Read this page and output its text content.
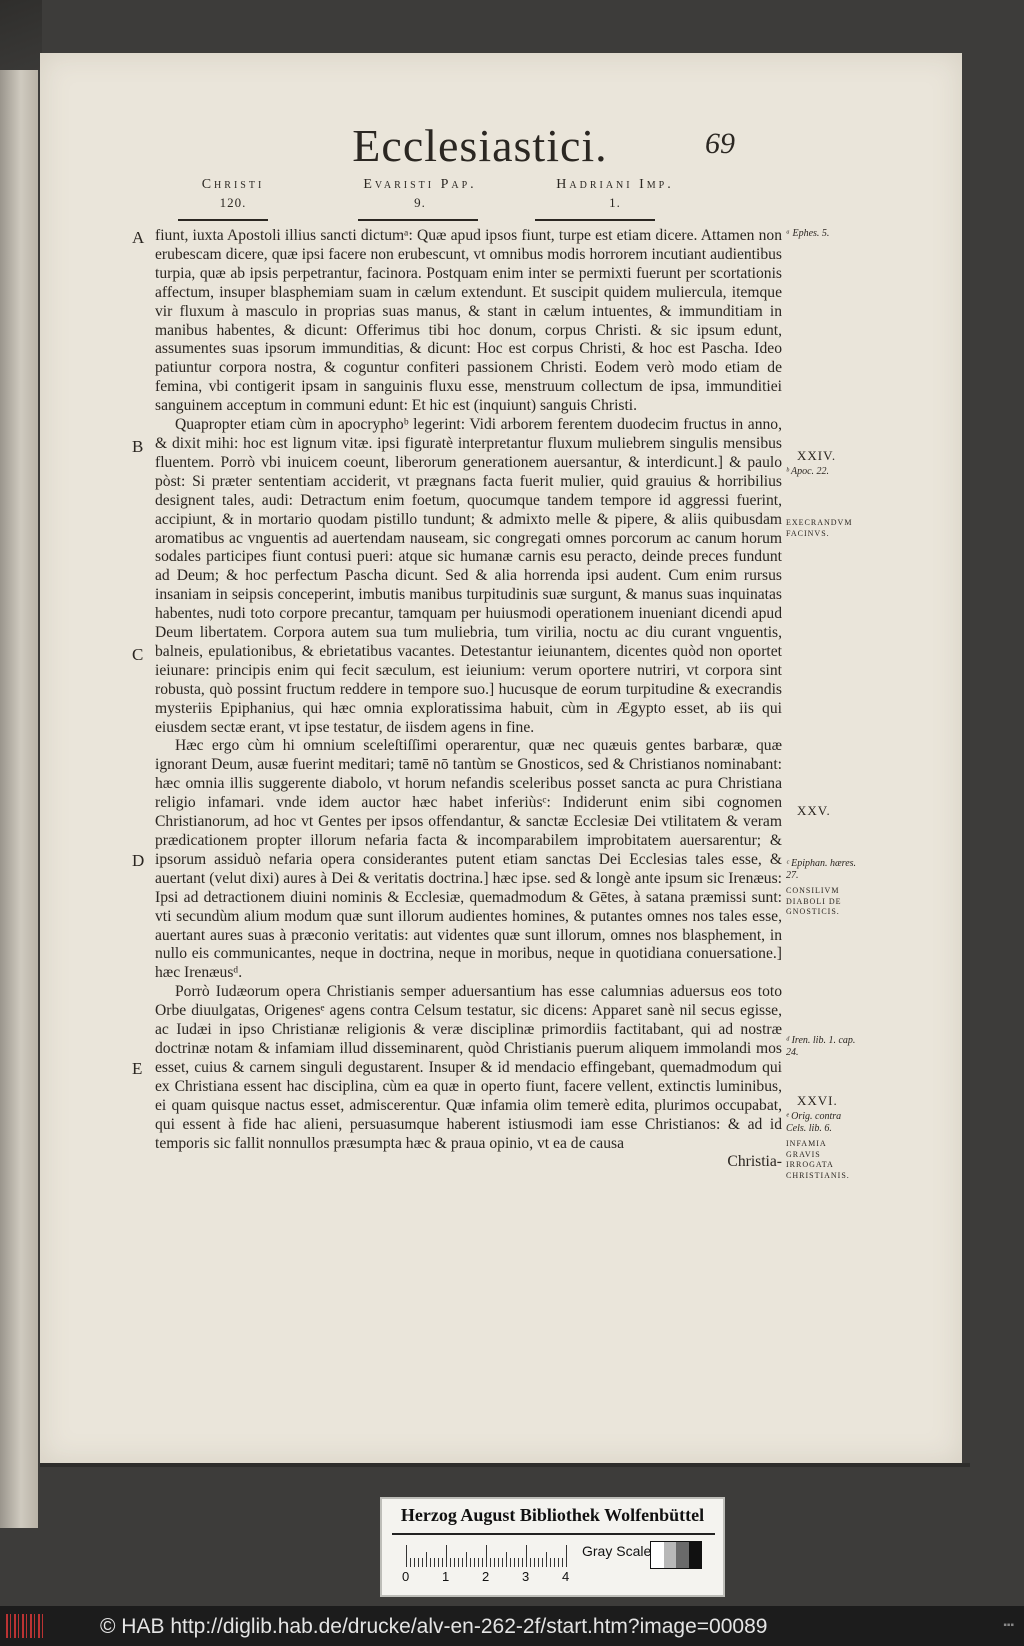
Ecclesiastici.	69
Christi
120.
Evaristi Pap.
9.
Hadriani Imp.
1.
A
B
C
D
E

fiunt, iuxta Apostoli illius sancti dictumᵃ: Quæ apud ipsos fiunt, turpe est etiam dicere. Attamen non erubescam dicere, quæ ipsi facere non erubescunt, vt omnibus modis horrorem incutiant audientibus turpia, quæ ab ipsis perpetrantur, facinora. Postquam enim inter se permixti fuerunt per scortationis affectum, insuper blasphemiam suam in cælum extendunt. Et suscipit quidem muliercula, itemque vir fluxum à masculo in proprias suas manus, & stant in cælum intuentes, & immunditiam in manibus habentes, & dicunt: Offerimus tibi hoc donum, corpus Christi. & sic ipsum edunt, assumentes suas ipsorum immunditias, & dicunt: Hoc est corpus Christi, & hoc est Pascha. Ideo patiuntur corpora nostra, & coguntur confiteri passionem Christi. Eodem verò modo etiam de femina, vbi contigerit ipsam in sanguinis fluxu esse, menstruum collectum de ipsa, immunditiei sanguinem acceptum in communi edunt: Et hic est (inquiunt) sanguis Christi.

Quapropter etiam cùm in apocryphoᵇ legerint: Vidi arborem ferentem duodecim fructus in anno, & dixit mihi: hoc est lignum vitæ. ipsi figuratè interpretantur fluxum muliebrem singulis mensibus fluentem. Porrò vbi inuicem coeunt, liberorum generationem auersantur, & interdicunt.] & paulo pòst: Si præter sententiam acciderit, vt prægnans facta fuerit mulier, quid grauius & horribilius designent tales, audi: Detractum enim foetum, quocumque tandem tempore id aggressi fuerint, accipiunt, & in mortario quodam pistillo tundunt; & admixto melle & pipere, & aliis quibusdam aromatibus ac vnguentis ad auertendam nauseam, sic congregati omnes porcorum ac canum horum sodales participes fiunt contusi pueri: atque sic humanæ carnis esu peracto, deinde preces fundunt ad Deum; & hoc perfectum Pascha dicunt. Sed & alia horrenda ipsi audent. Cum enim rursus insaniam in seipsis conceperint, imbutis manibus turpitudinis suæ surgunt, & manus suas inquinatas habentes, nudi toto corpore precantur, tamquam per huiusmodi operationem inueniant dicendi apud Deum libertatem. Corpora autem sua tum muliebria, tum virilia, noctu ac diu curant vnguentis, balneis, epulationibus, & ebrietatibus vacantes. Detestantur ieiunantem, dicentes quòd non oportet ieiunare: principis enim qui fecit sæculum, est ieiunium: verum oportere nutriri, vt corpora sint robusta, quò possint fructum reddere in tempore suo.] hucusque de eorum turpitudine & execrandis mysteriis Epiphanius, qui hæc omnia exploratissima habuit, cùm in Ægypto esset, ab iis qui eiusdem sectæ erant, vt ipse testatur, de iisdem agens in fine.

Hæc ergo cùm hi omnium sceleſtiſſimi operarentur, quæ nec quæuis gentes barbaræ, quæ ignorant Deum, ausæ fuerint meditari; tamē nō tantùm se Gnosticos, sed & Christianos nominabant: hæc omnia illis suggerente diabolo, vt horum nefandis sceleribus posset sancta ac pura Christiana religio infamari. vnde idem auctor hæc habet inferiùsᶜ: Indiderunt enim sibi cognomen Christianorum, ad hoc vt Gentes per ipsos offendantur, & sanctæ Ecclesiæ Dei vtilitatem & veram prædicationem propter illorum nefaria facta & incomparabilem improbitatem auersarentur; & ipsorum assiduò nefaria opera considerantes putent etiam sanctas Dei Ecclesias tales esse, & auertant (velut dixi) aures à Dei & veritatis doctrina.] hæc ipse. sed & longè ante ipsum sic Irenæus: Ipsi ad detractionem diuini nominis & Ecclesiæ, quemadmodum & Gētes, à satana præmissi sunt: vti secundùm alium modum quæ sunt illorum audientes homines, & putantes omnes nos tales esse, auertant aures suas à præconio veritatis: aut videntes quæ sunt illorum, omnes nos blasphement, in nullo eis communicantes, neque in doctrina, neque in moribus, neque in quotidiana conuersatione.] hæc Irenæusᵈ.

Porrò Iudæorum opera Christianis semper aduersantium has esse calumnias aduersus eos toto Orbe diuulgatas, Origenesᵉ agens contra Celsum testatur, sic dicens: Apparet sanè nil secus egisse, ac Iudæi in ipso Christianæ religionis & veræ disciplinæ primordiis factitabant, qui ad nostræ doctrinæ notam & infamiam illud disseminarent, quòd Christianis puerum aliquem immolandi mos esset, cuius & carnem singuli degustarent. Insuper & id mendacio effingebant, quemadmodum qui ex Christiana essent hac disciplina, cùm ea quæ in operto fiunt, facere vellent, extinctis luminibus, ei quam quisque nactus esset, admiscerentur. Quæ infamia olim temerè edita, plurimos occupabat, qui essent à fide hac alieni, persuasumque haberent istiusmodi iam esse Christianos: & ad id temporis sic fallit nonnullos præsumpta hæc & praua opinio, vt ea de causa

Christia-

ᵃ Ephes. 5.
XXIV.
ᵇ Apoc. 22.
EXECRANDVM FACINVS.
XXV.
ᶜ Epiphan. hæres. 27.
CONSILIVM DIABOLI DE GNOSTICIS.
ᵈ Iren. lib. 1. cap. 24.
XXVI.
ᵉ Orig. contra Cels. lib. 6.
INFAMIA GRAVIS IRROGATA CHRISTIANIS.
Herzog August Bibliothek Wolfenbüttel
0	1	2	3	4
Gray Scale
© HAB http://diglib.hab.de/drucke/alv-en-262-2f/start.htm?image=00089	▪▪▪
